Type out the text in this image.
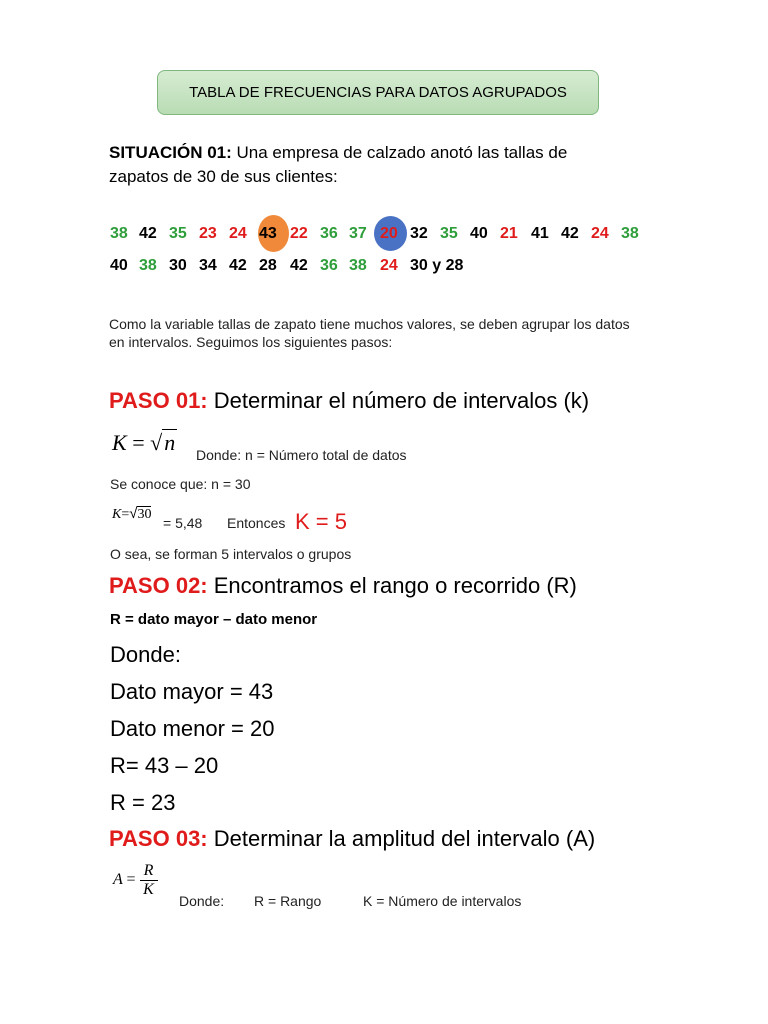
TABLA DE FRECUENCIAS PARA DATOS AGRUPADOS
SITUACIÓN 01: Una empresa de calzado anotó las tallas de zapatos de 30 de sus clientes:
38 42 35 23 24 43 22 36 37 20 32 35 40 21 41 42 24 38
40 38 30 34 42 28 42 36 38 24 30 y 28
Como la variable tallas de zapato tiene muchos valores, se deben agrupar los datos en intervalos. Seguimos los siguientes pasos:
PASO 01: Determinar el número de intervalos (k)
K = √n Donde: n = Número total de datos
Se conoce que: n = 30
K=√30
= 5,48 Entonces K = 5
O sea, se forman 5 intervalos o grupos
PASO 02: Encontramos el rango o recorrido (R)
R = dato mayor – dato menor
Donde:
Dato mayor = 43
Dato menor = 20
R= 43 – 20
R = 23
PASO 03: Determinar la amplitud del intervalo (A)
$A = \frac{R}{K}$
Donde: R = Rango	K = Número de intervalos
